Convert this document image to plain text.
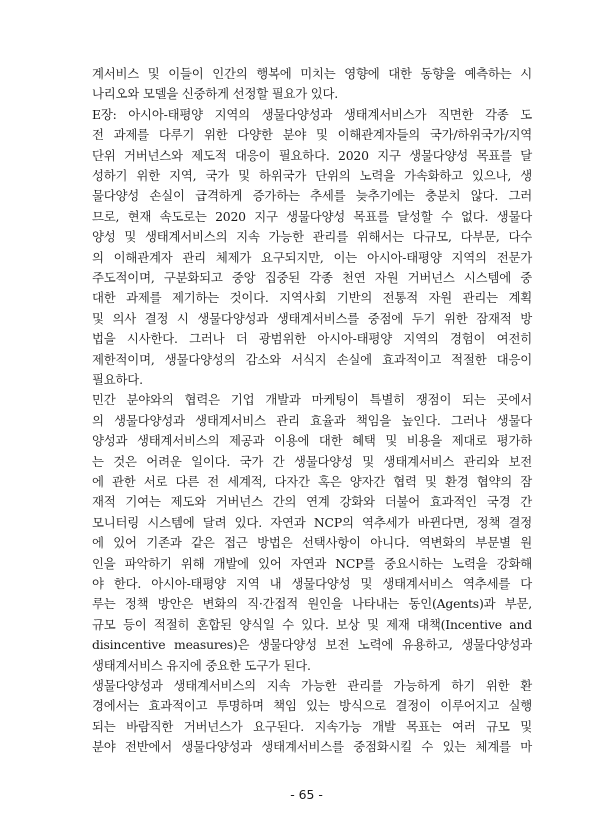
계서비스 및 이들이 인간의 행복에 미치는 영향에 대한 동향을 예측하는 시
나리오와 모델을 신중하게 선정할 필요가 있다.
E장: 아시아-태평양 지역의 생물다양성과 생태계서비스가 직면한 각종 도
전 과제를 다루기 위한 다양한 분야 및 이해관계자들의 국가/하위국가/지역
단위 거버넌스와 제도적 대응이 필요하다. 2020 지구 생물다양성 목표를 달
성하기 위한 지역, 국가 및 하위국가 단위의 노력을 가속화하고 있으나, 생
물다양성 손실이 급격하게 증가하는 추세를 늦추기에는 충분치 않다. 그러
므로, 현재 속도로는 2020 지구 생물다양성 목표를 달성할 수 없다. 생물다
양성 및 생태계서비스의 지속 가능한 관리를 위해서는 다규모, 다부문, 다수
의 이해관계자 관리 체제가 요구되지만, 이는 아시아-태평양 지역의 전문가
주도적이며, 구분화되고 중앙 집중된 각종 천연 자원 거버넌스 시스템에 중
대한 과제를 제기하는 것이다. 지역사회 기반의 전통적 자원 관리는 계획
및 의사 결정 시 생물다양성과 생태계서비스를 중점에 두기 위한 잠재적 방
법을 시사한다. 그러나 더 광범위한 아시아-태평양 지역의 경험이 여전히
제한적이며, 생물다양성의 감소와 서식지 손실에 효과적이고 적절한 대응이
필요하다.
민간 분야와의 협력은 기업 개발과 마케팅이 특별히 쟁점이 되는 곳에서
의 생물다양성과 생태계서비스 관리 효율과 책임을 높인다. 그러나 생물다
양성과 생태계서비스의 제공과 이용에 대한 혜택 및 비용을 제대로 평가하
는 것은 어려운 일이다. 국가 간 생물다양성 및 생태계서비스 관리와 보전
에 관한 서로 다른 전 세계적, 다자간 혹은 양자간 협력 및 환경 협약의 잠
재적 기여는 제도와 거버넌스 간의 연계 강화와 더불어 효과적인 국경 간
모니터링 시스템에 달려 있다. 자연과 NCP의 역추세가 바뀐다면, 정책 결정
에 있어 기존과 같은 접근 방법은 선택사항이 아니다. 역변화의 부문별 원
인을 파악하기 위해 개발에 있어 자연과 NCP를 중요시하는 노력을 강화해
야 한다. 아시아-태평양 지역 내 생물다양성 및 생태계서비스 역추세를 다
루는 정책 방안은 변화의 직·간접적 원인을 나타내는 동인(Agents)과 부문,
규모 등이 적절히 혼합된 양식일 수 있다. 보상 및 제재 대책(Incentive and
disincentive measures)은 생물다양성 보전 노력에 유용하고, 생물다양성과
생태계서비스 유지에 중요한 도구가 된다.
생물다양성과 생태계서비스의 지속 가능한 관리를 가능하게 하기 위한 환
경에서는 효과적이고 투명하며 책임 있는 방식으로 결정이 이루어지고 실행
되는 바람직한 거버넌스가 요구된다. 지속가능 개발 목표는 여러 규모 및
분야 전반에서 생물다양성과 생태계서비스를 중점화시킬 수 있는 체계를 마
- 65 -
